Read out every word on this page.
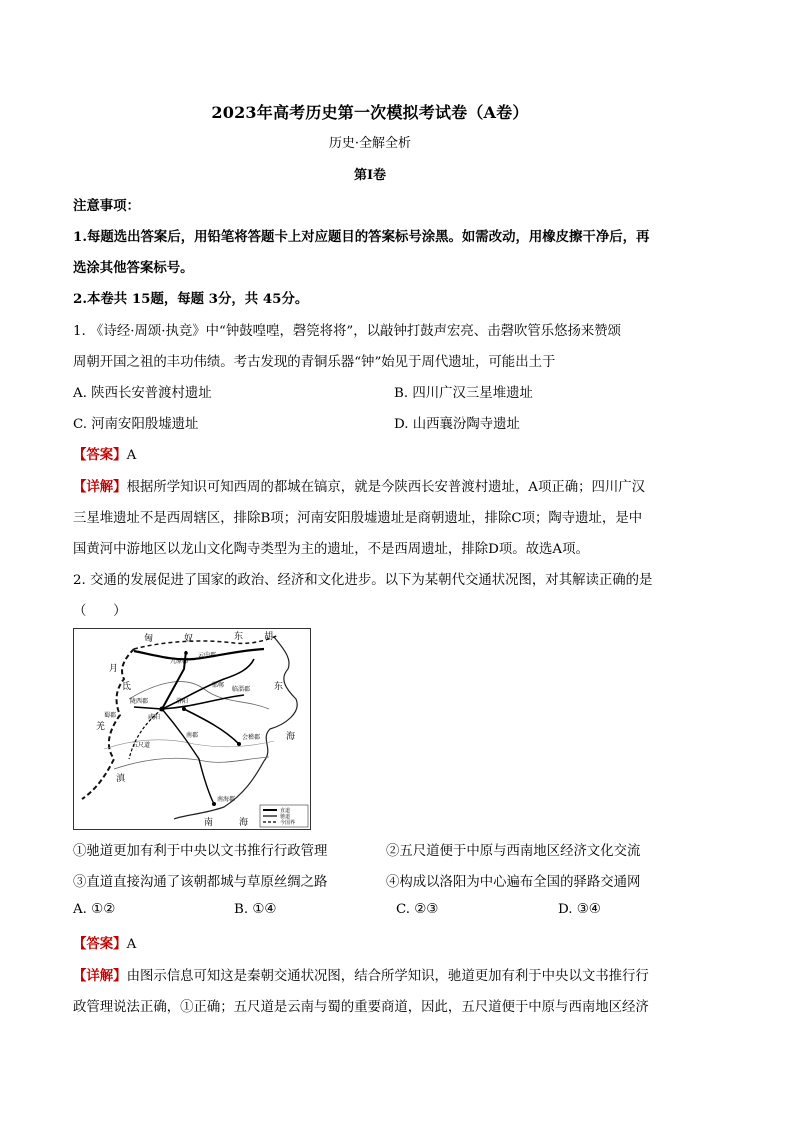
2023年高考历史第一次模拟考试卷（A卷）
历史·全解全析
第Ⅰ卷
注意事项：
1.每题选出答案后，用铅笔将答题卡上对应题目的答案标号涂黑。如需改动，用橡皮擦干净后，再
选涂其他答案标号。
2.本卷共 15题，每题 3分，共 45分。
1. 《诗经·周颂·执竞》中“钟鼓喤喤，磬筦将将”，以敲钟打鼓声宏亮、击磬吹管乐悠扬来赞颂
周朝开国之祖的丰功伟绩。考古发现的青铜乐器“钟”始见于周代遗址，可能出土于
A. 陕西长安普渡村遗址	B. 四川广汉三星堆遗址
C. 河南安阳殷墟遗址	D. 山西襄汾陶寺遗址
【答案】A
【详解】根据所学知识可知西周的都城在镐京，就是今陕西长安普渡村遗址，A项正确；四川广汉
三星堆遗址不是西周辖区，排除B项；河南安阳殷墟遗址是商朝遗址，排除C项；陶寺遗址，是中
国黄河中游地区以龙山文化陶寺类型为主的遗址，不是西周遗址，排除D项。故选A项。
2. 交通的发展促进了国家的政治、经济和文化进步。以下为某朝代交通状况图，对其解读正确的是
（　　）
匈	奴	东 胡
月
氐
羌
滇
东
海
南	海
咸阳
洛阳
九原郡
云中郡
邯郸
临淄郡
会稽郡
南海郡
蜀郡
南郡
陇西郡
五尺道
直道
驰道
今国界
①驰道更加有利于中央以文书推行行政管理	②五尺道便于中原与西南地区经济文化交流
③直道直接沟通了该朝都城与草原丝绸之路	④构成以洛阳为中心遍布全国的驿路交通网
A. ①②	B. ①④	C. ②③	D. ③④
【答案】A
【详解】由图示信息可知这是秦朝交通状况图，结合所学知识，驰道更加有利于中央以文书推行行
政管理说法正确，①正确；五尺道是云南与蜀的重要商道，因此，五尺道便于中原与西南地区经济
